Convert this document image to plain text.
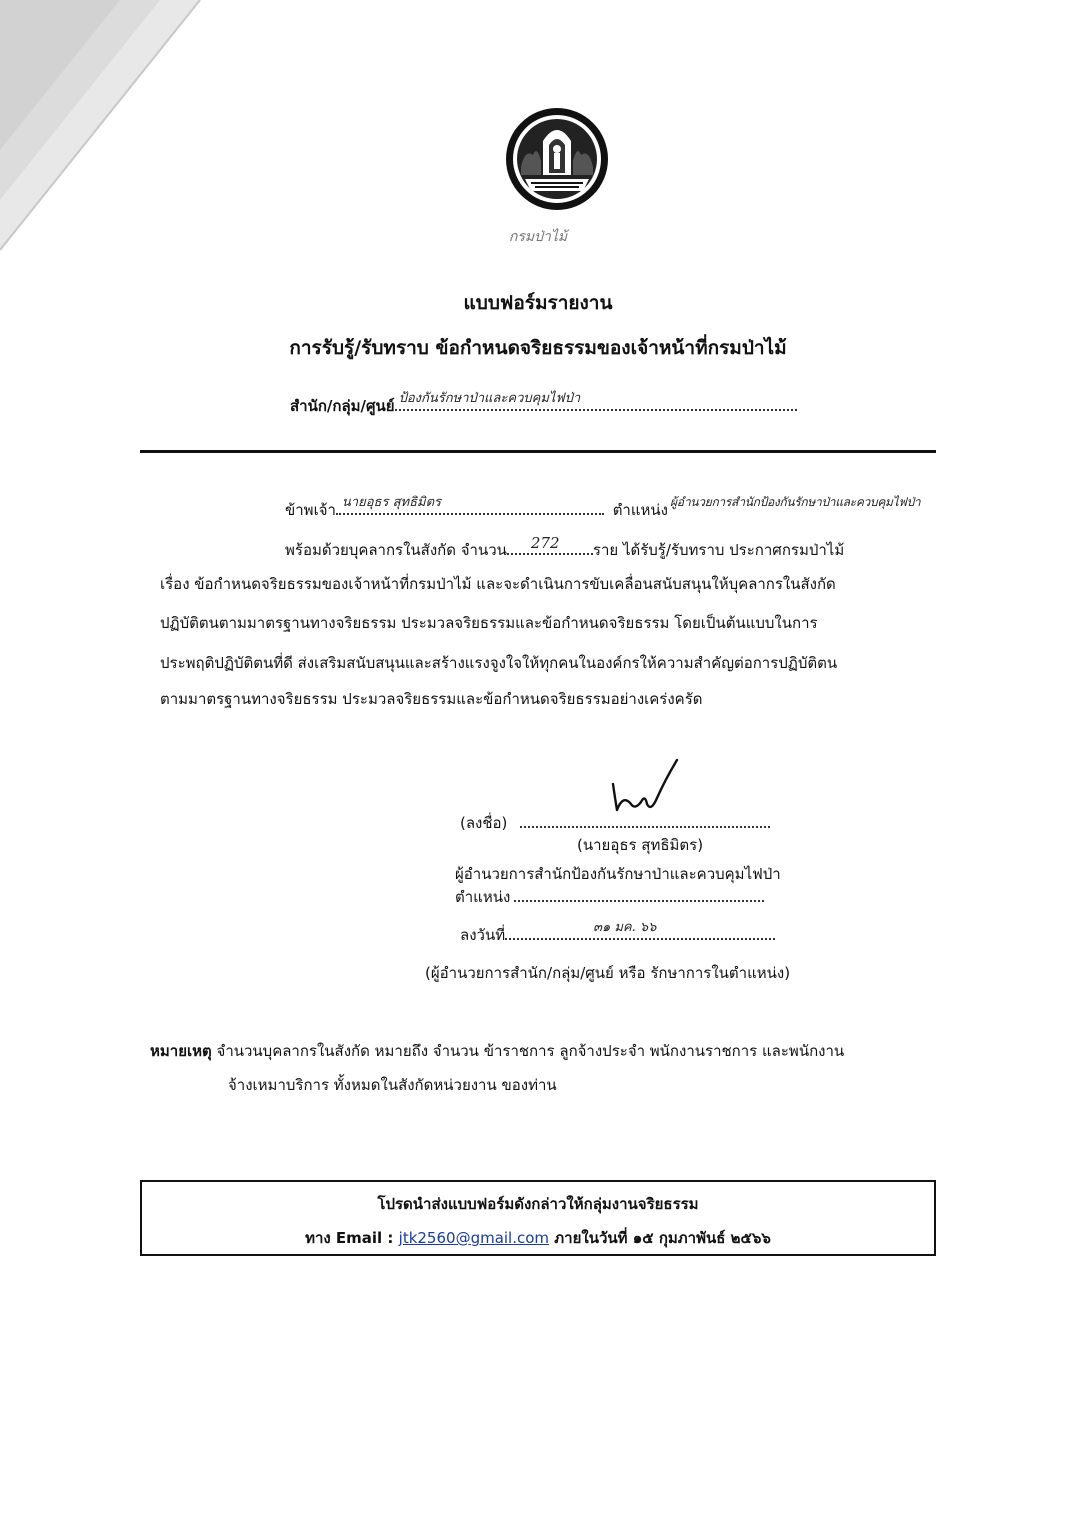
กรมป่าไม้
แบบฟอร์มรายงาน
การรับรู้/รับทราบ ข้อกำหนดจริยธรรมของเจ้าหน้าที่กรมป่าไม้
สำนัก/กลุ่ม/ศูนย์ ป้องกันรักษาป่าและควบคุมไฟป่า
ข้าพเจ้า นายอุธร สุทธิมิตร	ตำแหน่ง ผู้อำนวยการสำนักป้องกันรักษาป่าและควบคุมไฟป่า
พร้อมด้วยบุคลากรในสังกัด จำนวน 272 ราย ได้รับรู้/รับทราบ ประกาศกรมป่าไม้
เรื่อง ข้อกำหนดจริยธรรมของเจ้าหน้าที่กรมป่าไม้ และจะดำเนินการขับเคลื่อนสนับสนุนให้บุคลากรในสังกัด
ปฏิบัติตนตามมาตรฐานทางจริยธรรม ประมวลจริยธรรมและข้อกำหนดจริยธรรม โดยเป็นต้นแบบในการ
ประพฤติปฏิบัติตนที่ดี ส่งเสริมสนับสนุนและสร้างแรงจูงใจให้ทุกคนในองค์กรให้ความสำคัญต่อการปฏิบัติตน
ตามมาตรฐานทางจริยธรรม ประมวลจริยธรรมและข้อกำหนดจริยธรรมอย่างเคร่งครัด
(ลงชื่อ)
(นายอุธร สุทธิมิตร)
ผู้อำนวยการสำนักป้องกันรักษาป่าและควบคุมไฟป่า
ตำแหน่ง
ลงวันที่	๓๑ มค. ๖๖
(ผู้อำนวยการสำนัก/กลุ่ม/ศูนย์ หรือ รักษาการในตำแหน่ง)
หมายเหตุ จำนวนบุคลากรในสังกัด หมายถึง จำนวน ข้าราชการ ลูกจ้างประจำ พนักงานราชการ และพนักงาน
จ้างเหมาบริการ ทั้งหมดในสังกัดหน่วยงาน ของท่าน
โปรดนำส่งแบบฟอร์มดังกล่าวให้กลุ่มงานจริยธรรม
ทาง Email : jtk2560@gmail.com ภายในวันที่ ๑๕ กุมภาพันธ์ ๒๕๖๖
